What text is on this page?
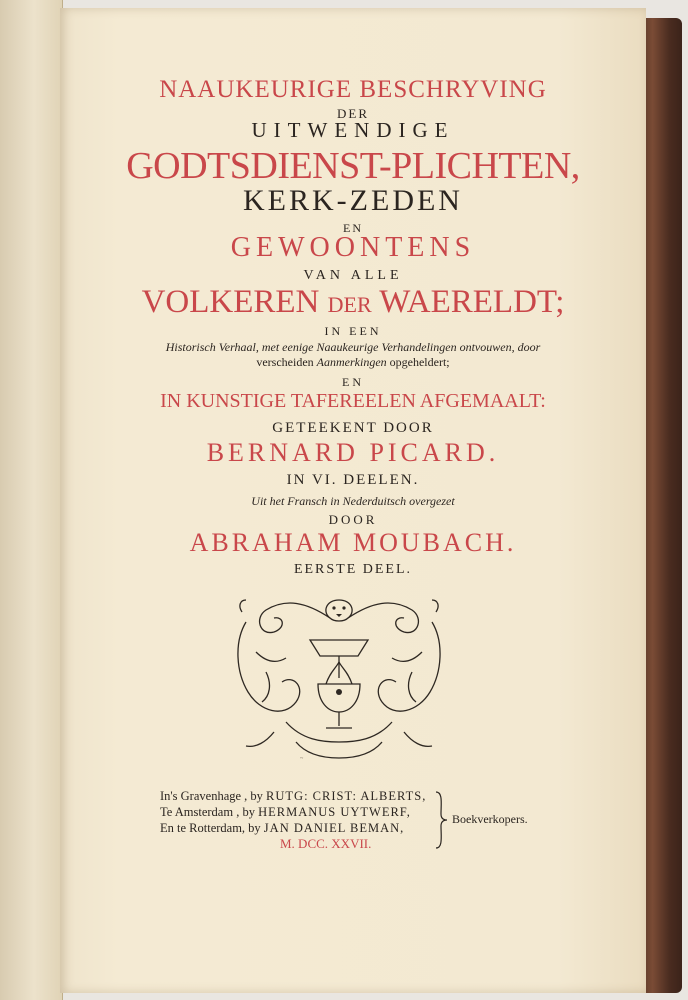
NAAUKEURIGE BESCHRYVING
DER
UITWENDIGE
GODTSDIENST-PLICHTEN,
KERK-ZEDEN
EN
GEWOONTENS
VAN ALLE
VOLKEREN DER WAERELDT;
IN EEN
Historisch Verhaal, met eenige Naaukeurige Verhandelingen ontvouwen, door
verscheiden Aanmerkingen opgeheldert;
EN
IN KUNSTIGE TAFEREELEN AFGEMAALT:
GETEEKENT DOOR
BERNARD PICARD.
IN VI. DEELEN.
Uit het Fransch in Nederduitsch overgezet
DOOR
ABRAHAM MOUBACH.
EERSTE DEEL.
~
In's Gravenhage , by RUTG: CRIST: ALBERTS,
Te Amsterdam , by HERMANUS UYTWERF,
En te Rotterdam, by JAN DANIEL BEMAN,
M. DCC. XXVII.
Boekverkopers.
